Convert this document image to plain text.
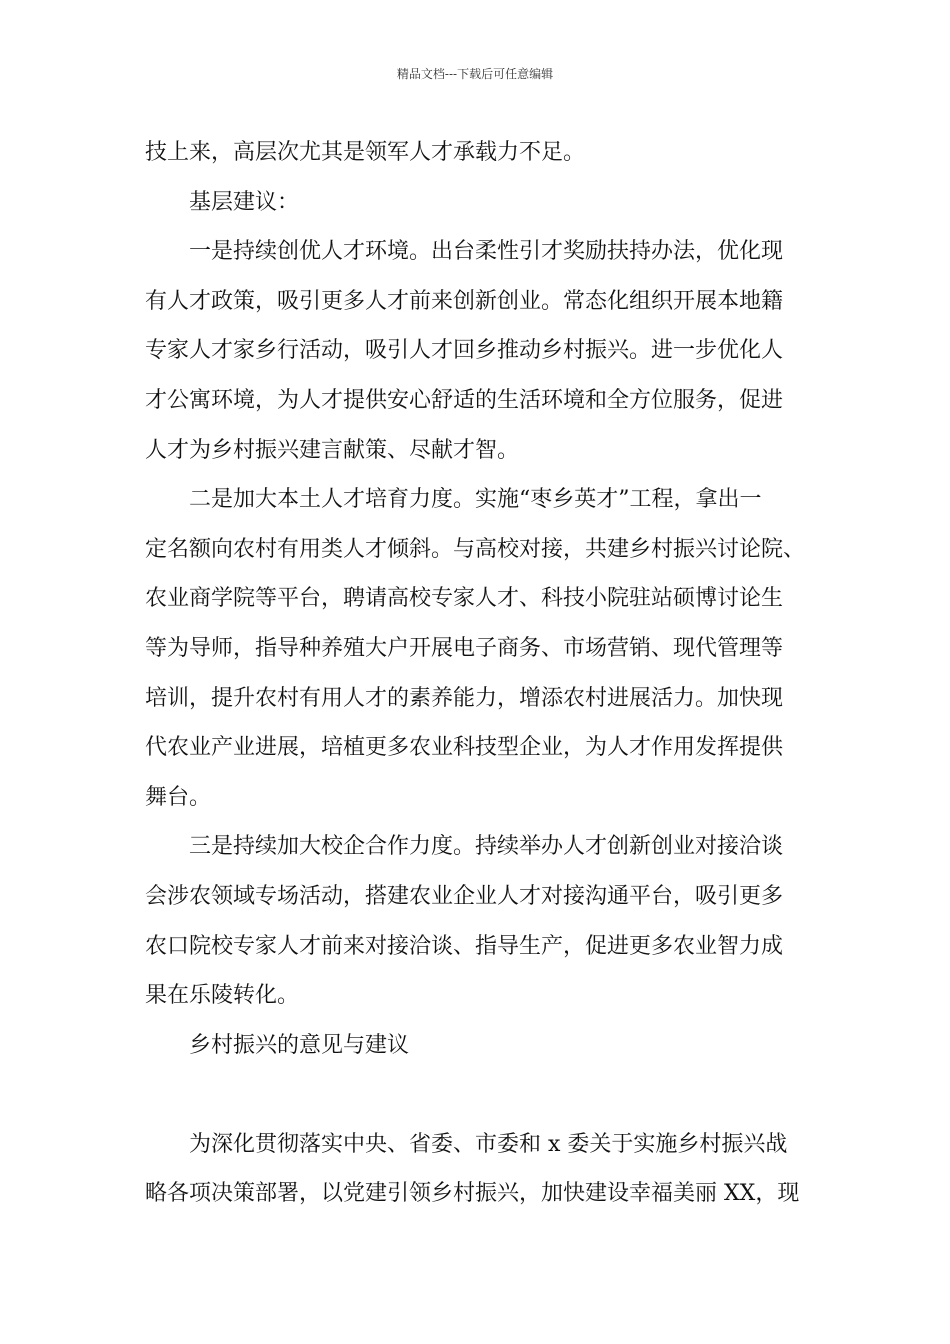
精品文档---下载后可任意编辑
技上来，高层次尤其是领军人才承载力不足。
基层建议：
一是持续创优人才环境。出台柔性引才奖励扶持办法，优化现
有人才政策，吸引更多人才前来创新创业。常态化组织开展本地籍
专家人才家乡行活动，吸引人才回乡推动乡村振兴。进一步优化人
才公寓环境，为人才提供安心舒适的生活环境和全方位服务，促进
人才为乡村振兴建言献策、尽献才智。
二是加大本土人才培育力度。实施“枣乡英才”工程，拿出一
定名额向农村有用类人才倾斜。与高校对接，共建乡村振兴讨论院、
农业商学院等平台，聘请高校专家人才、科技小院驻站硕博讨论生
等为导师，指导种养殖大户开展电子商务、市场营销、现代管理等
培训，提升农村有用人才的素养能力，增添农村进展活力。加快现
代农业产业进展，培植更多农业科技型企业，为人才作用发挥提供
舞台。
三是持续加大校企合作力度。持续举办人才创新创业对接洽谈
会涉农领域专场活动，搭建农业企业人才对接沟通平台，吸引更多
农口院校专家人才前来对接洽谈、指导生产，促进更多农业智力成
果在乐陵转化。
乡村振兴的意见与建议
为深化贯彻落实中央、省委、市委和 x 委关于实施乡村振兴战
略各项决策部署，以党建引领乡村振兴，加快建设幸福美丽 XX，现
